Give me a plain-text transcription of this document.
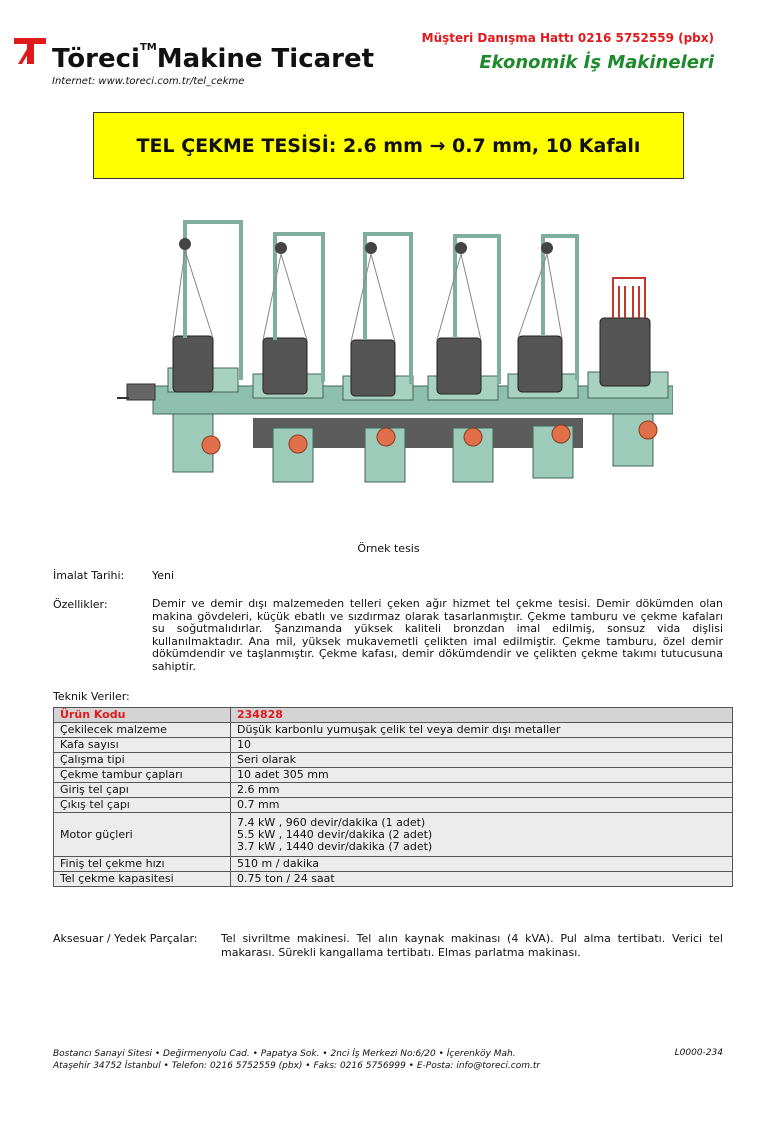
Töreci™Makine Ticaret
Internet: www.toreci.com.tr/tel_cekme
Müşteri Danışma Hattı 0216 5752559 (pbx)
Ekonomik İş Makineleri
TEL ÇEKME TESİSİ: 2.6 mm → 0.7 mm, 10 Kafalı
Örnek tesis
İmalat Tarihi:	Yeni
Özellikler:	Demir ve demir dışı malzemeden telleri çeken ağır hizmet tel çekme tesisi. Demir dökümden olan makina gövdeleri, küçük ebatlı ve sızdırmaz olarak tasarlanmıştır. Çekme tamburu ve çekme kafaları su soğutmalıdırlar. Şanzımanda yüksek kaliteli bronzdan imal edilmiş, sonsuz vida dişlisi kullanılmaktadır. Ana mil, yüksek mukavemetli çelikten imal edilmiştir. Çekme tamburu, özel demir dökümdendir ve taşlanmıştır. Çekme kafası, demir dökümdendir ve çelikten çekme takımı tutucusuna sahiptir.
Teknik Veriler:
Ürün Kodu	234828
Çekilecek malzeme	Düşük karbonlu yumuşak çelik tel veya demir dışı metaller
Kafa sayısı	10
Çalışma tipi	Seri olarak
Çekme tambur çapları	10 adet 305 mm
Giriş tel çapı	2.6 mm
Çıkış tel çapı	0.7 mm
Motor güçleri	7.4 kW , 960 devir/dakika (1 adet)
5.5 kW , 1440 devir/dakika (2 adet)
3.7 kW , 1440 devir/dakika (7 adet)

Finiş tel çekme hızı	510 m / dakika
Tel çekme kapasitesi	0.75 ton / 24 saat
Aksesuar / Yedek Parçalar: Tel sivriltme makinesi. Tel alın kaynak makinası (4 kVA). Pul alma tertibatı. Verici tel makarası. Sürekli kangallama tertibatı. Elmas parlatma makinası.
Bostancı Sanayi Sitesi • Değirmenyolu Cad. • Papatya Sok. • 2nci İş Merkezi No:6/20 • İçerenköy Mah.
Ataşehir 34752 İstanbul • Telefon: 0216 5752559 (pbx) • Faks: 0216 5756999 • E-Posta: info@toreci.com.tr
L0000-234
